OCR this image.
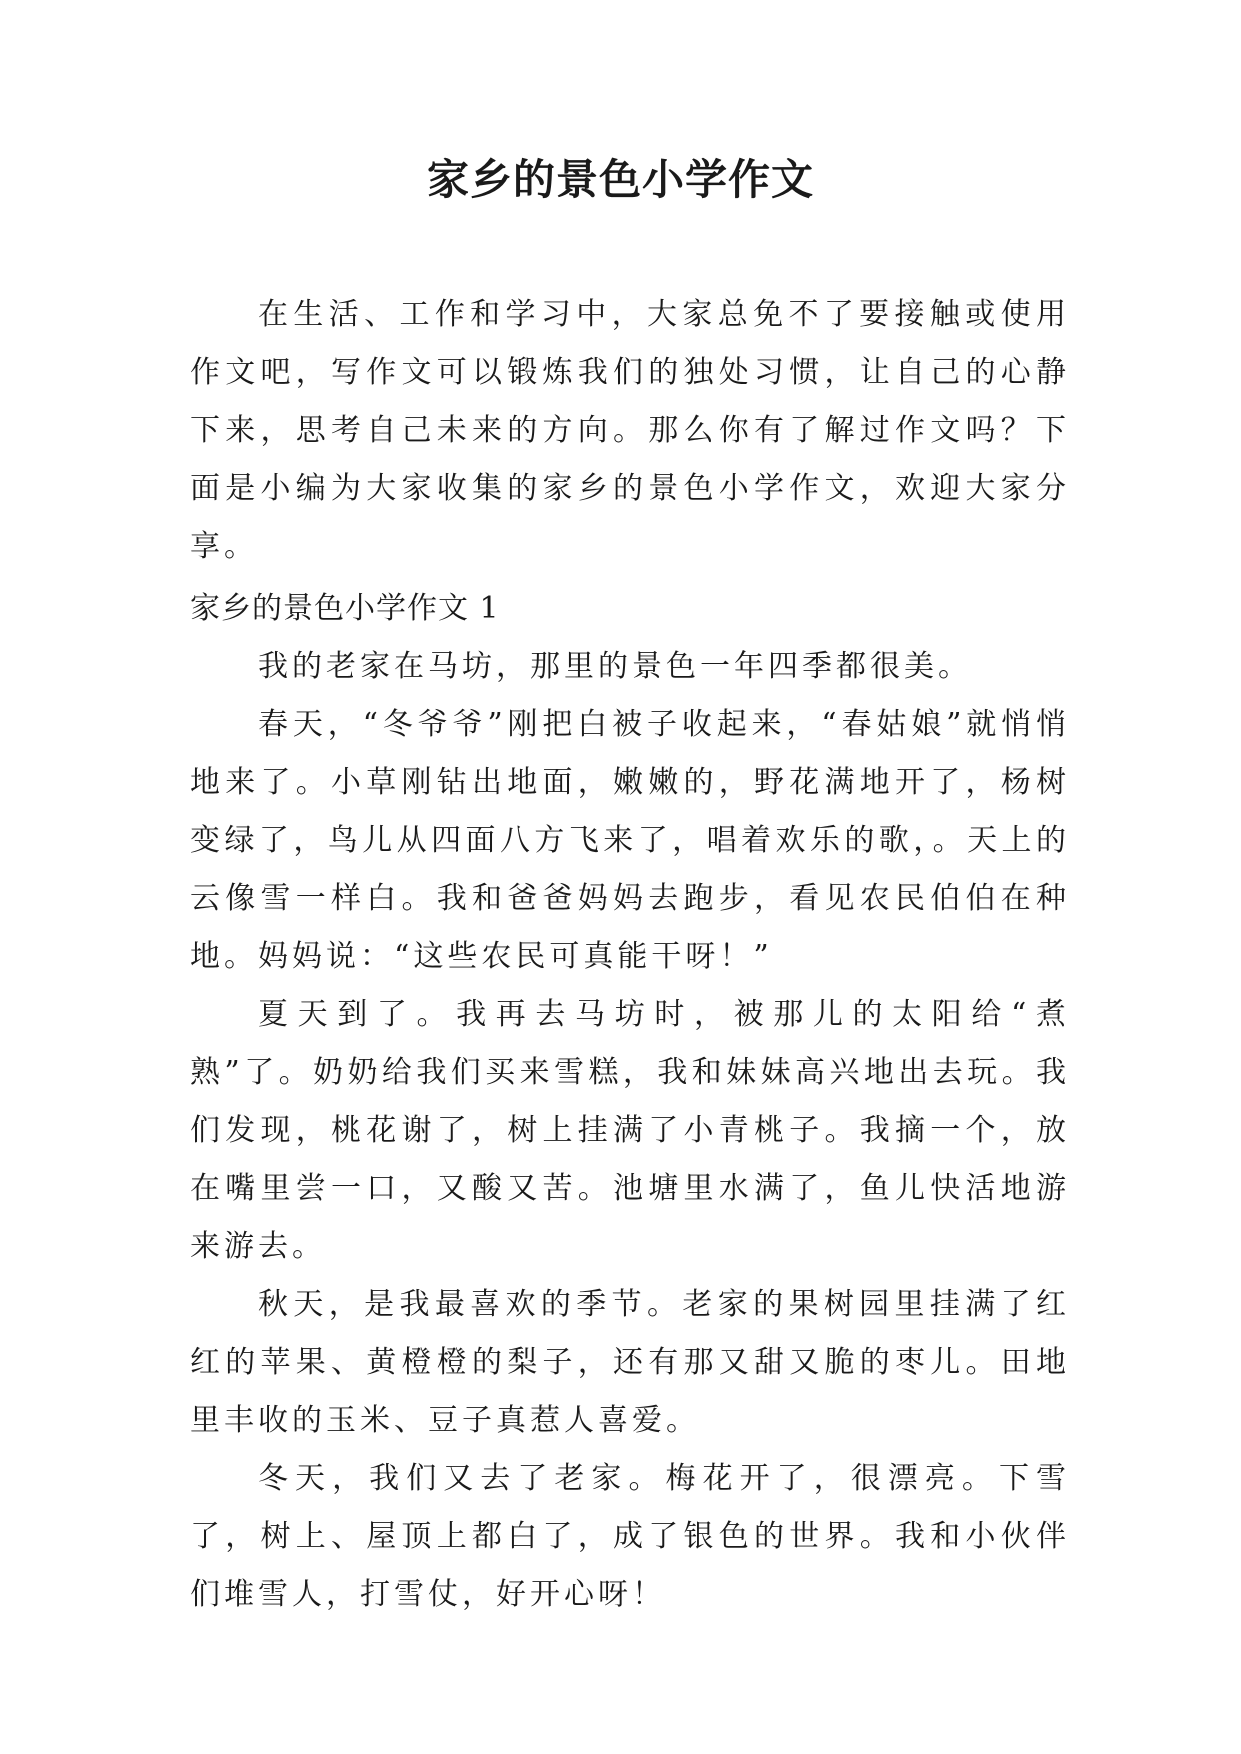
家乡的景色小学作文

在生活、工作和学习中，大家总免不了要接触或使用作文吧，写作文可以锻炼我们的独处习惯，让自己的心静下来，思考自己未来的方向。那么你有了解过作文吗？下面是小编为大家收集的家乡的景色小学作文，欢迎大家分享。

家乡的景色小学作文 1

我的老家在马坊，那里的景色一年四季都很美。

春天，“冬爷爷”刚把白被子收起来，“春姑娘”就悄悄地来了。小草刚钻出地面，嫩嫩的，野花满地开了，杨树变绿了，鸟儿从四面八方飞来了，唱着欢乐的歌，。天上的云像雪一样白。我和爸爸妈妈去跑步，看见农民伯伯在种地。妈妈说：“这些农民可真能干呀！”

夏天到了。我再去马坊时，被那儿的太阳给“煮熟”了。奶奶给我们买来雪糕，我和妹妹高兴地出去玩。我们发现，桃花谢了，树上挂满了小青桃子。我摘一个，放在嘴里尝一口，又酸又苦。池塘里水满了，鱼儿快活地游来游去。

秋天，是我最喜欢的季节。老家的果树园里挂满了红红的苹果、黄橙橙的梨子，还有那又甜又脆的枣儿。田地里丰收的玉米、豆子真惹人喜爱。

冬天，我们又去了老家。梅花开了，很漂亮。下雪了，树上、屋顶上都白了，成了银色的世界。我和小伙伴们堆雪人，打雪仗，好开心呀！
